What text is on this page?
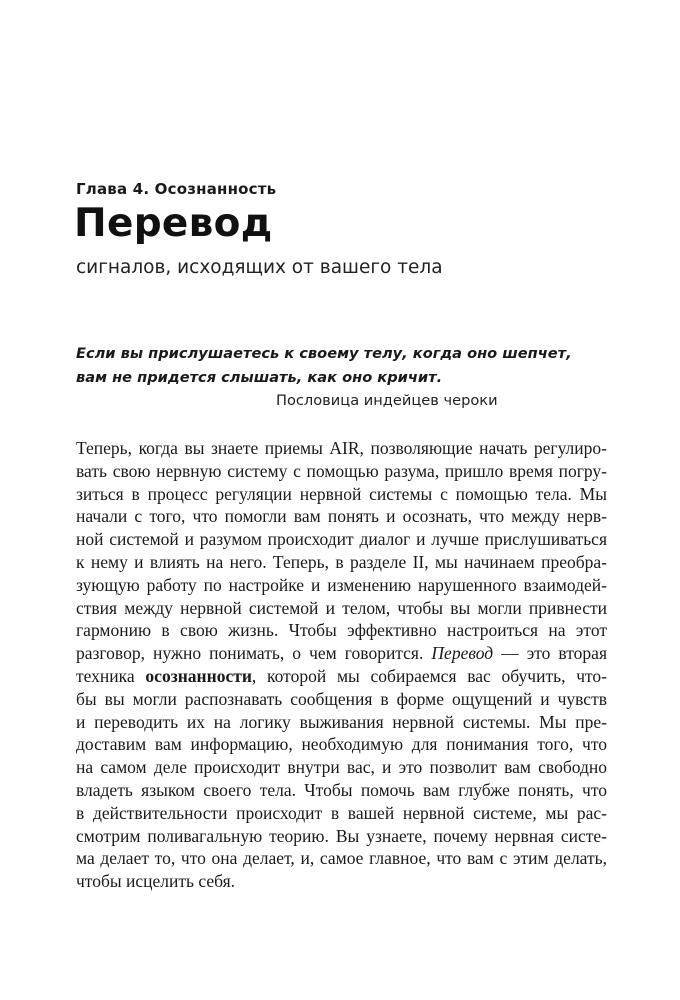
Глава 4. Осознанность
Перевод
сигналов, исходящих от вашего тела
Если вы прислушаетесь к своему телу, когда оно шепчет,
вам не придется слышать, как оно кричит.
Пословица индейцев чероки
Теперь, когда вы знаете приемы AIR, позволяющие начать регулиро-
вать свою нервную систему с помощью разума, пришло время погру-
зиться в процесс регуляции нервной системы с помощью тела. Мы
начали с того, что помогли вам понять и осознать, что между нерв-
ной системой и разумом происходит диалог и лучше прислушиваться
к нему и влиять на него. Теперь, в разделе II, мы начинаем преобра-
зующую работу по настройке и изменению нарушенного взаимодей-
ствия между нервной системой и телом, чтобы вы могли привнести
гармонию в свою жизнь. Чтобы эффективно настроиться на этот
разговор, нужно понимать, о чем говорится. Перевод — это вторая
техника осознанности, которой мы собираемся вас обучить, что-
бы вы могли распознавать сообщения в форме ощущений и чувств
и переводить их на логику выживания нервной системы. Мы пре-
доставим вам информацию, необходимую для понимания того, что
на самом деле происходит внутри вас, и это позволит вам свободно
владеть языком своего тела. Чтобы помочь вам глубже понять, что
в действительности происходит в вашей нервной системе, мы рас-
смотрим поливагальную теорию. Вы узнаете, почему нервная систе-
ма делает то, что она делает, и, самое главное, что вам с этим делать,
чтобы исцелить себя.
